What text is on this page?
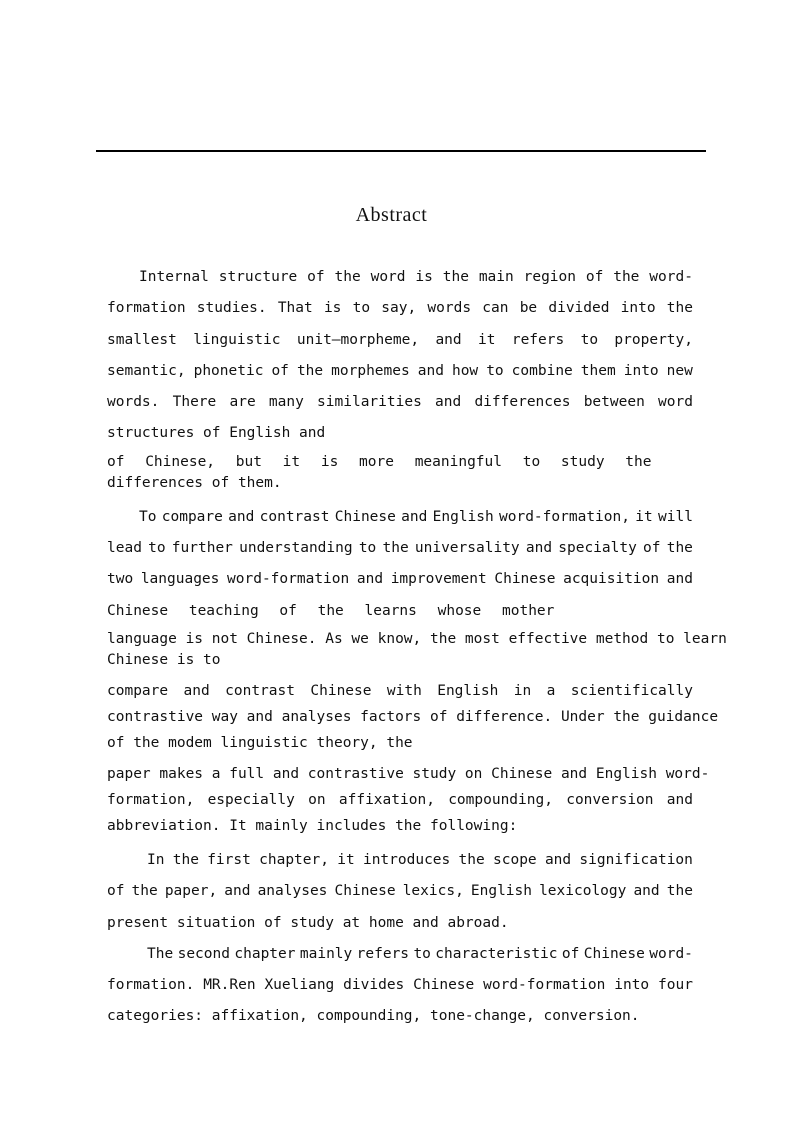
Abstract
Internal structure of the word is the main region of the word-
formation studies. That is to say, words can be divided into the
smallest linguistic unit—morpheme, and it refers to property,
semantic, phonetic of the morphemes and how to combine them into new
words. There are many similarities and differences between word
structures of English and
of Chinese, but it is more meaningful to study the
differences of them.
To compare and contrast Chinese and English word-formation, it will
lead to further understanding to the universality and specialty of the
two languages word-formation and improvement Chinese acquisition and
Chinese teaching of the learns whose mother
language is not Chinese. As we know, the most effective method to learn
Chinese is to
compare and contrast Chinese with English in a scientifically
contrastive way and analyses factors of difference. Under the guidance
of the modem linguistic theory, the
paper makes a full and contrastive study on Chinese and English word-
formation, especially on affixation, compounding, conversion and
abbreviation. It mainly includes the following:
In the first chapter, it introduces the scope and signification
of the paper, and analyses Chinese lexics, English lexicology and the
present situation of study at home and abroad.
The second chapter mainly refers to characteristic of Chinese word-
formation. MR.Ren Xueliang divides Chinese word-formation into four
categories: affixation, compounding, tone-change, conversion.
